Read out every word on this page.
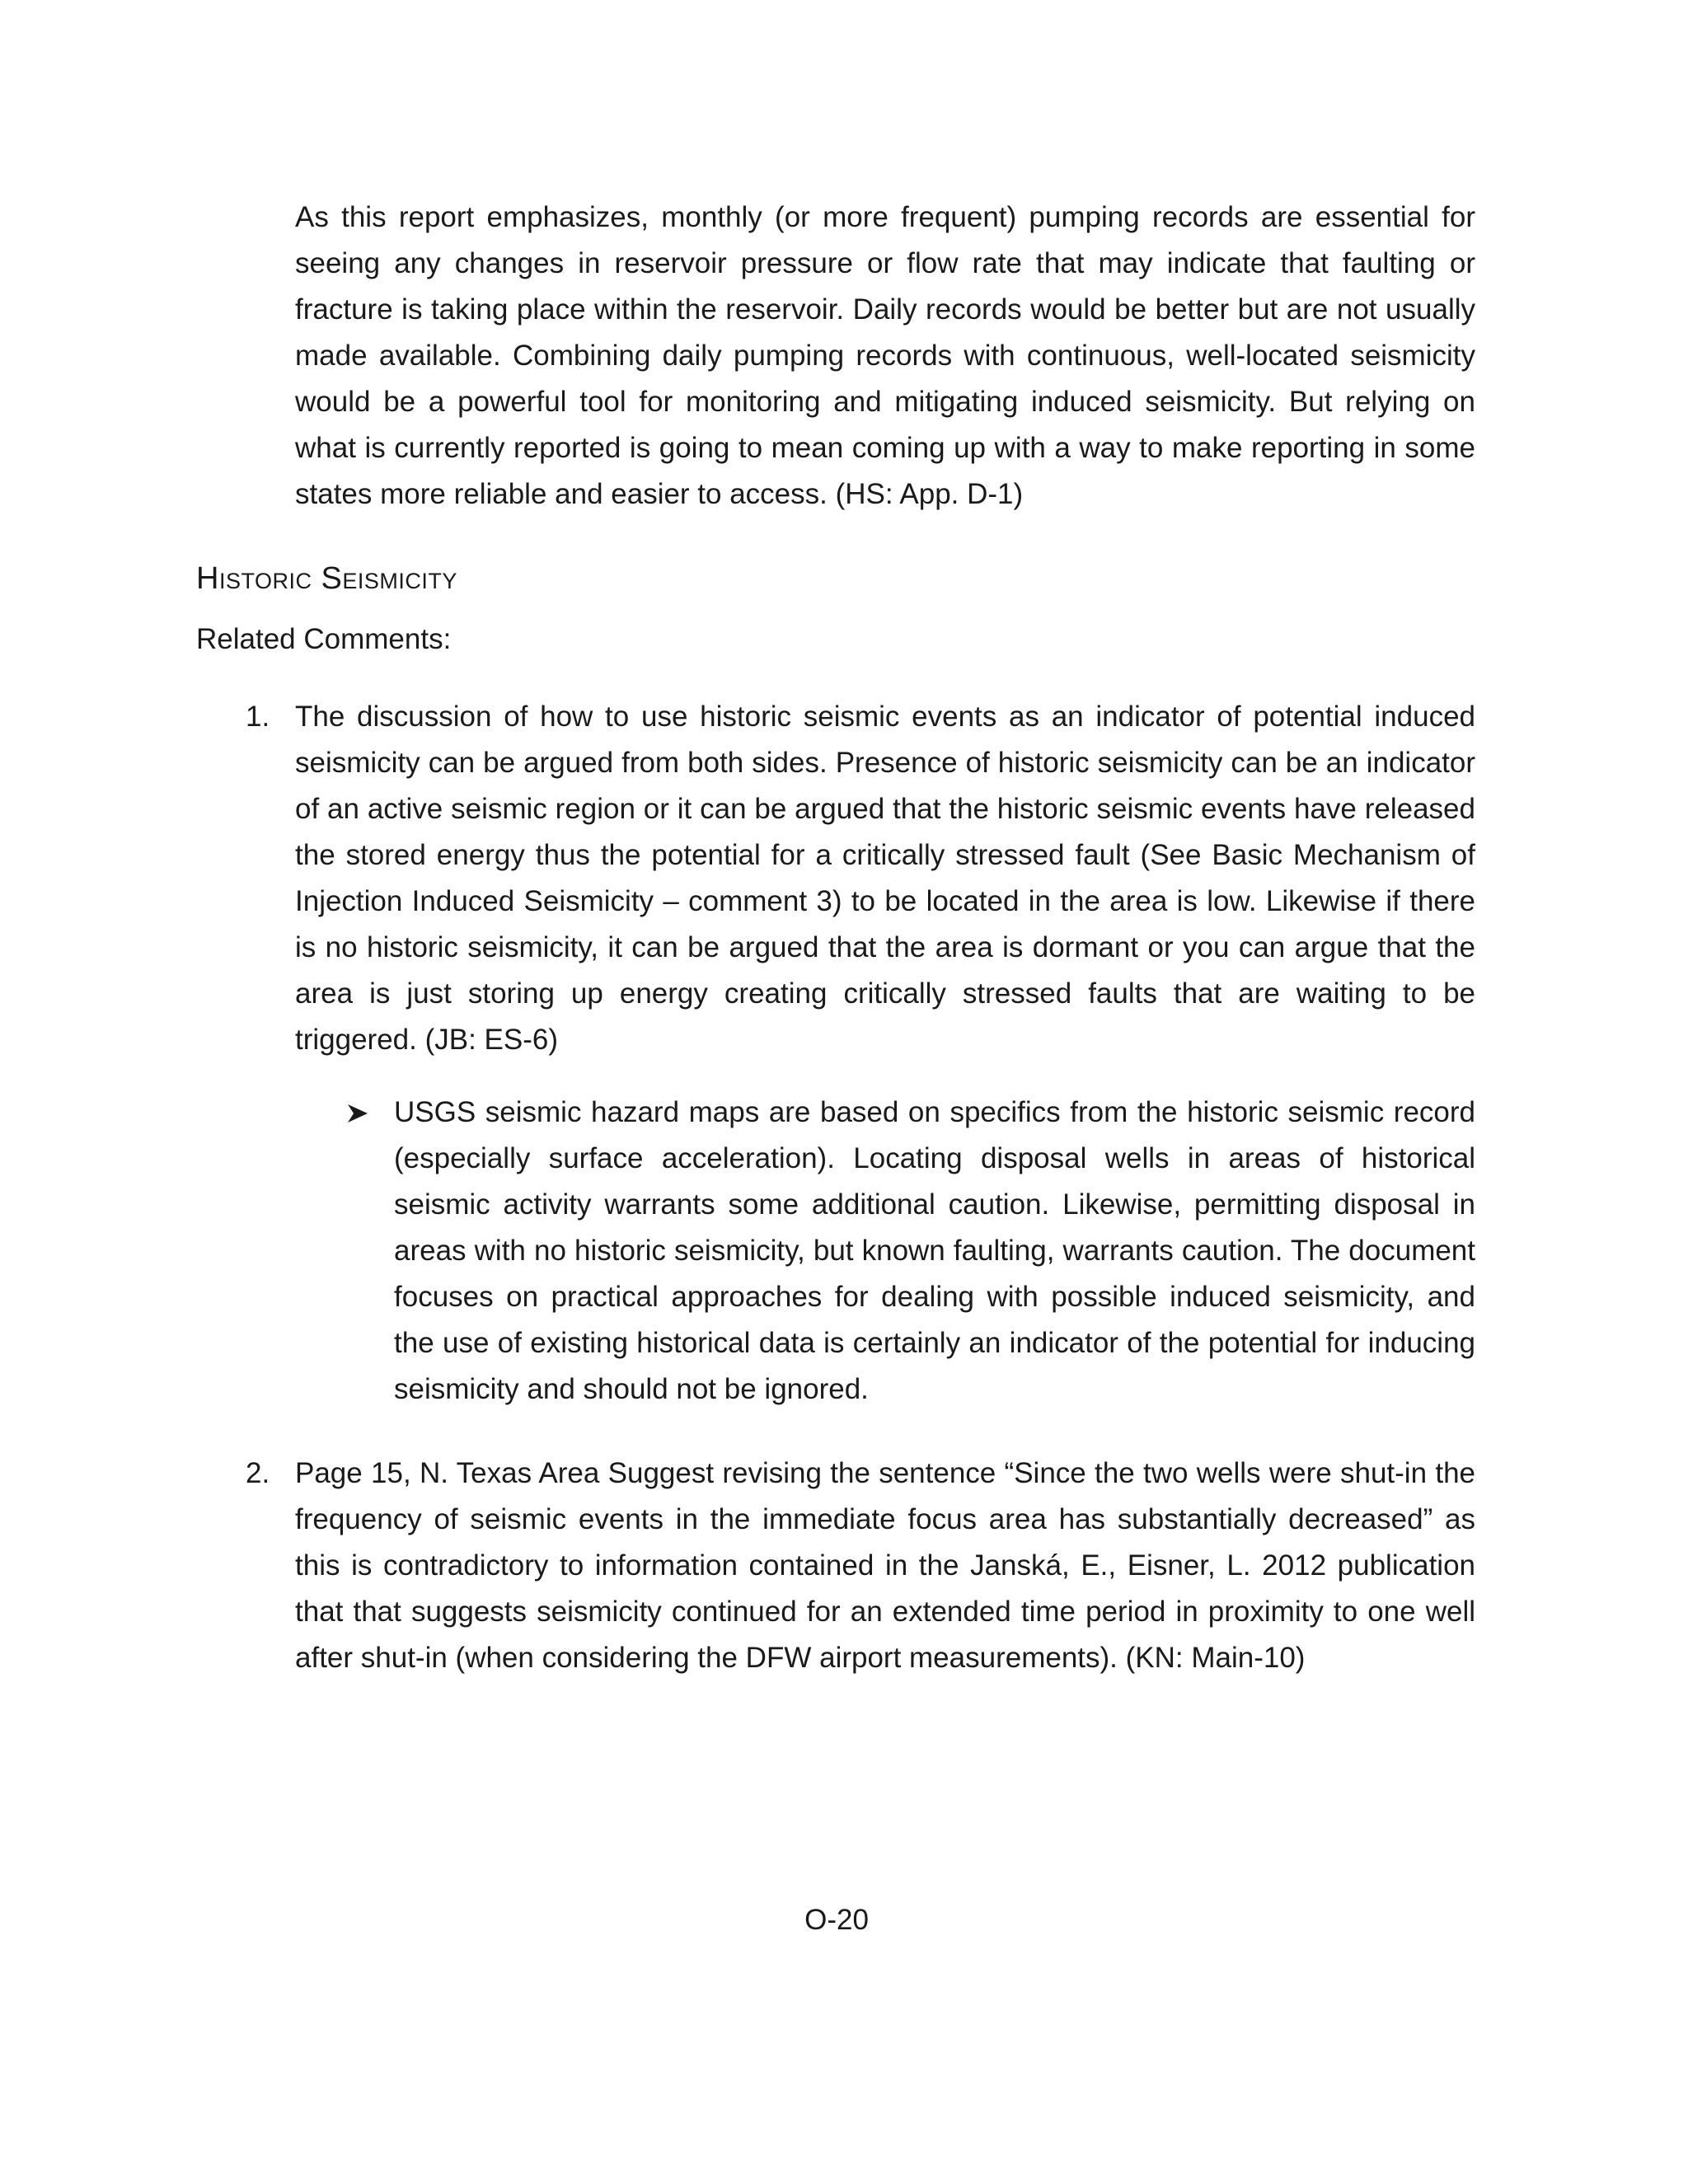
As this report emphasizes, monthly (or more frequent) pumping records are essential for seeing any changes in reservoir pressure or flow rate that may indicate that faulting or fracture is taking place within the reservoir. Daily records would be better but are not usually made available. Combining daily pumping records with continuous, well-located seismicity would be a powerful tool for monitoring and mitigating induced seismicity. But relying on what is currently reported is going to mean coming up with a way to make reporting in some states more reliable and easier to access. (HS: App. D-1)

Historic Seismicity
Related Comments:
1. The discussion of how to use historic seismic events as an indicator of potential induced seismicity can be argued from both sides. Presence of historic seismicity can be an indicator of an active seismic region or it can be argued that the historic seismic events have released the stored energy thus the potential for a critically stressed fault (See Basic Mechanism of Injection Induced Seismicity – comment 3) to be located in the area is low. Likewise if there is no historic seismicity, it can be argued that the area is dormant or you can argue that the area is just storing up energy creating critically stressed faults that are waiting to be triggered. (JB: ES-6)

USGS seismic hazard maps are based on specifics from the historic seismic record (especially surface acceleration). Locating disposal wells in areas of historical seismic activity warrants some additional caution. Likewise, permitting disposal in areas with no historic seismicity, but known faulting, warrants caution. The document focuses on practical approaches for dealing with possible induced seismicity, and the use of existing historical data is certainly an indicator of the potential for inducing seismicity and should not be ignored.

2. Page 15, N. Texas Area Suggest revising the sentence “Since the two wells were shut-in the frequency of seismic events in the immediate focus area has substantially decreased” as this is contradictory to information contained in the Janská, E., Eisner, L. 2012 publication that that suggests seismicity continued for an extended time period in proximity to one well after shut-in (when considering the DFW airport measurements). (KN: Main-10)

O-20
